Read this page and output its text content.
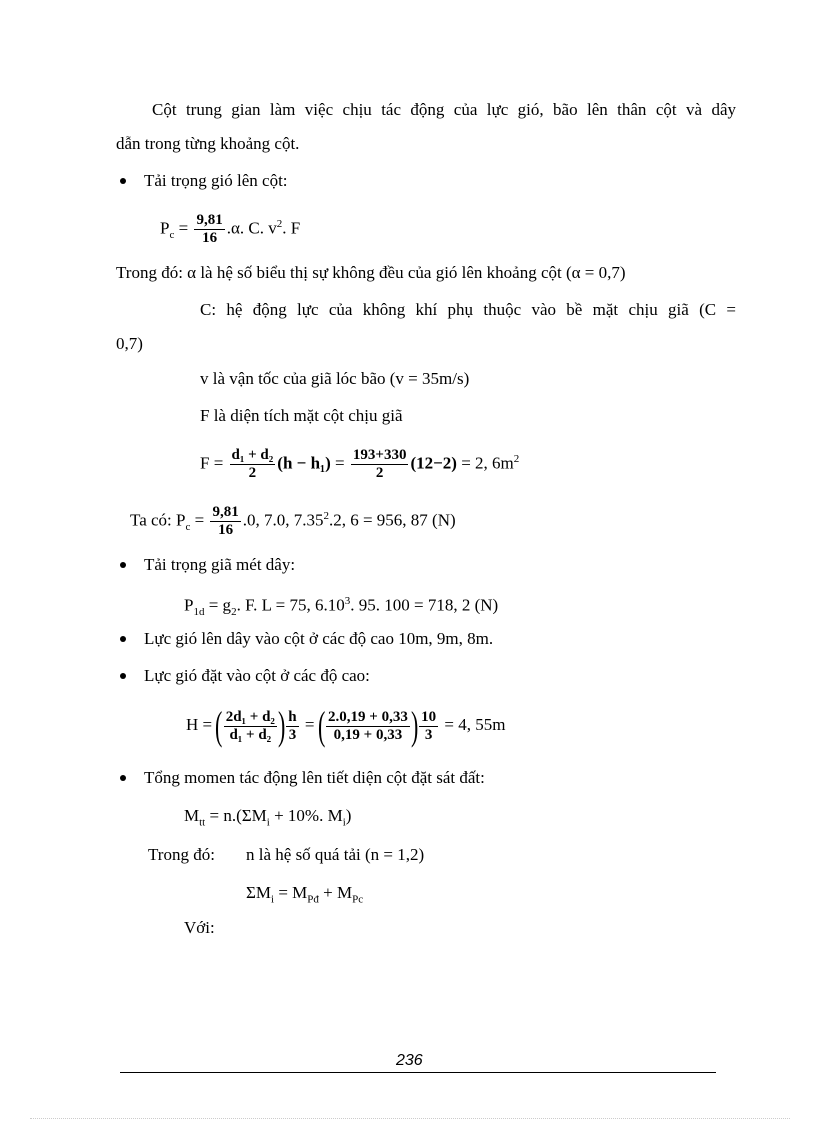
Cột trung gian làm việc chịu tác động của lực gió, bão lên thân cột và dây
dẫn trong từng khoảng cột.
Tải trọng gió lên cột:
$P_c = \frac{9,81}{16} .\alpha$. C. $v^2$. F
Trong đó: α là hệ số biểu thị sự không đều của gió lên khoảng cột (α = 0,7)
C: hệ động lực của không khí phụ thuộc vào bề mặt chịu giã (C =
0,7)
v là vận tốc của giã lóc bão (v = 35m/s)
F là diện tích mặt cột chịu giã
$F = \frac{\text{d₁ + d₂}}{2} (h - h_1) = \frac{193+330}{2} (12-2) = 2$, $6m^2$
Ta có: $P_c = \frac{9,81}{16} .0$, 7.0, 7.35$^2$.2, 6 = 956, 87 (N)
Tải trọng giã mét dây:
$P_{1d} = g_2$. F. L = 75, 6.10$^3$. 95. 100 = 718, 2 (N)
Lực gió lên dây vào cột ở các độ cao 10m, 9m, 8m.
Lực gió đặt vào cột ở các độ cao:
H = ( $\frac{\text{2d₁ + d₂}}{\text{d₁ + d₂}}$ ) $\frac{h}{3}$ = ( $\frac{2.0,19 + 0,33}{0,19 + 0,33}$ ) $\frac{10}{3} = 4$, 55m
Tổng momen tác động lên tiết diện cột đặt sát đất:
$M_{tt} = n.(\Sigma M_i + 10\%$. $M_i$)
Trong đó: n là hệ số quá tải (n = 1,2)
$\Sigma M_i = M_{Pđ} + M_{Pc}$
Với:
236
